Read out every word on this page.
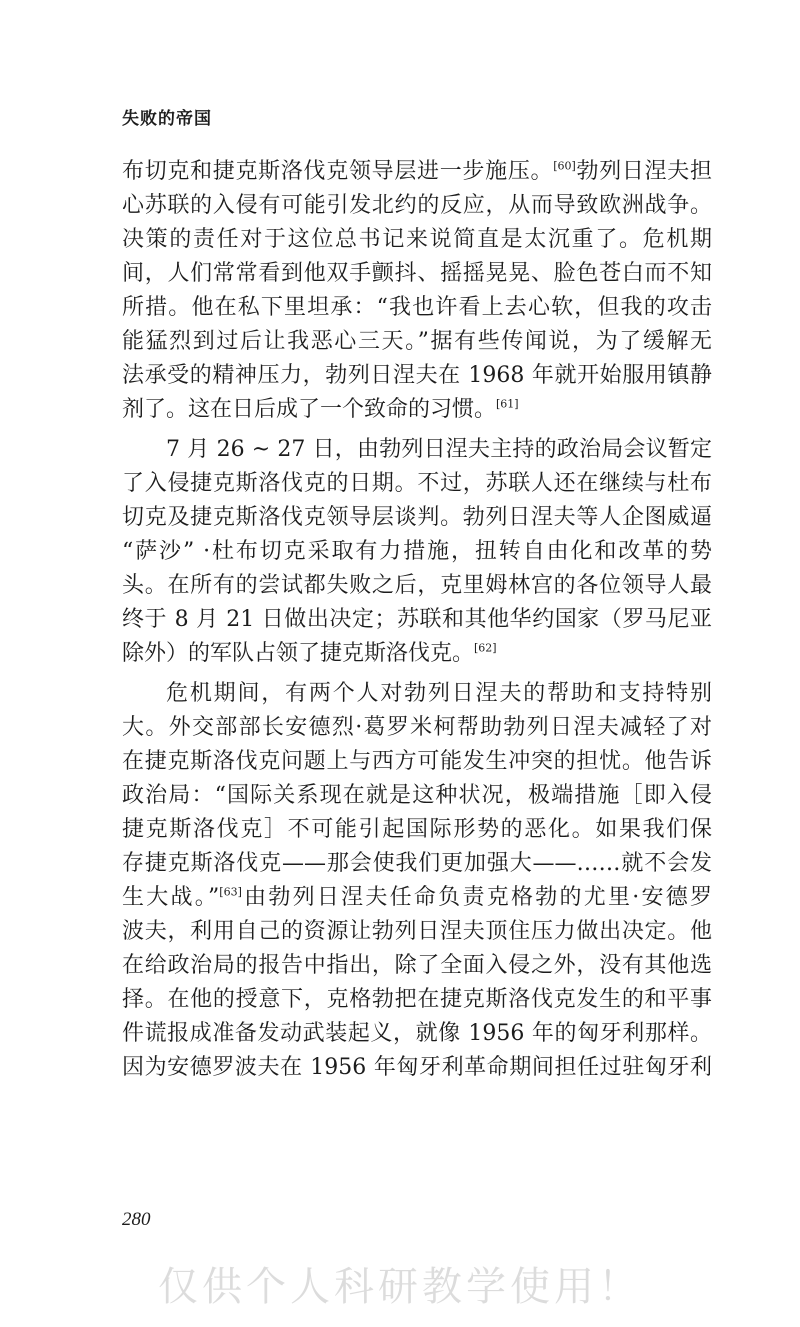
失败的帝国
布切克和捷克斯洛伐克领导层进一步施压。[60]勃列日涅夫担
心苏联的入侵有可能引发北约的反应，从而导致欧洲战争。
决策的责任对于这位总书记来说简直是太沉重了。危机期
间，人们常常看到他双手颤抖、摇摇晃晃、脸色苍白而不知
所措。他在私下里坦承：“我也许看上去心软，但我的攻击
能猛烈到过后让我恶心三天。”据有些传闻说，为了缓解无
法承受的精神压力，勃列日涅夫在 1968 年就开始服用镇静
剂了。这在日后成了一个致命的习惯。[61]
7 月 26 ~ 27 日，由勃列日涅夫主持的政治局会议暂定
了入侵捷克斯洛伐克的日期。不过，苏联人还在继续与杜布
切克及捷克斯洛伐克领导层谈判。勃列日涅夫等人企图威逼
“萨沙” ·杜布切克采取有力措施，扭转自由化和改革的势
头。在所有的尝试都失败之后，克里姆林宫的各位领导人最
终于 8 月 21 日做出决定；苏联和其他华约国家（罗马尼亚
除外）的军队占领了捷克斯洛伐克。[62]
危机期间，有两个人对勃列日涅夫的帮助和支持特别
大。外交部部长安德烈·葛罗米柯帮助勃列日涅夫减轻了对
在捷克斯洛伐克问题上与西方可能发生冲突的担忧。他告诉
政治局：“国际关系现在就是这种状况，极端措施［即入侵
捷克斯洛伐克］不可能引起国际形势的恶化。如果我们保
存捷克斯洛伐克——那会使我们更加强大——……就不会发
生大战。”[63]由勃列日涅夫任命负责克格勃的尤里·安德罗
波夫，利用自己的资源让勃列日涅夫顶住压力做出决定。他
在给政治局的报告中指出，除了全面入侵之外，没有其他选
择。在他的授意下，克格勃把在捷克斯洛伐克发生的和平事
件谎报成准备发动武装起义，就像 1956 年的匈牙利那样。
因为安德罗波夫在 1956 年匈牙利革命期间担任过驻匈牙利
280
仅供个人科研教学使用！
